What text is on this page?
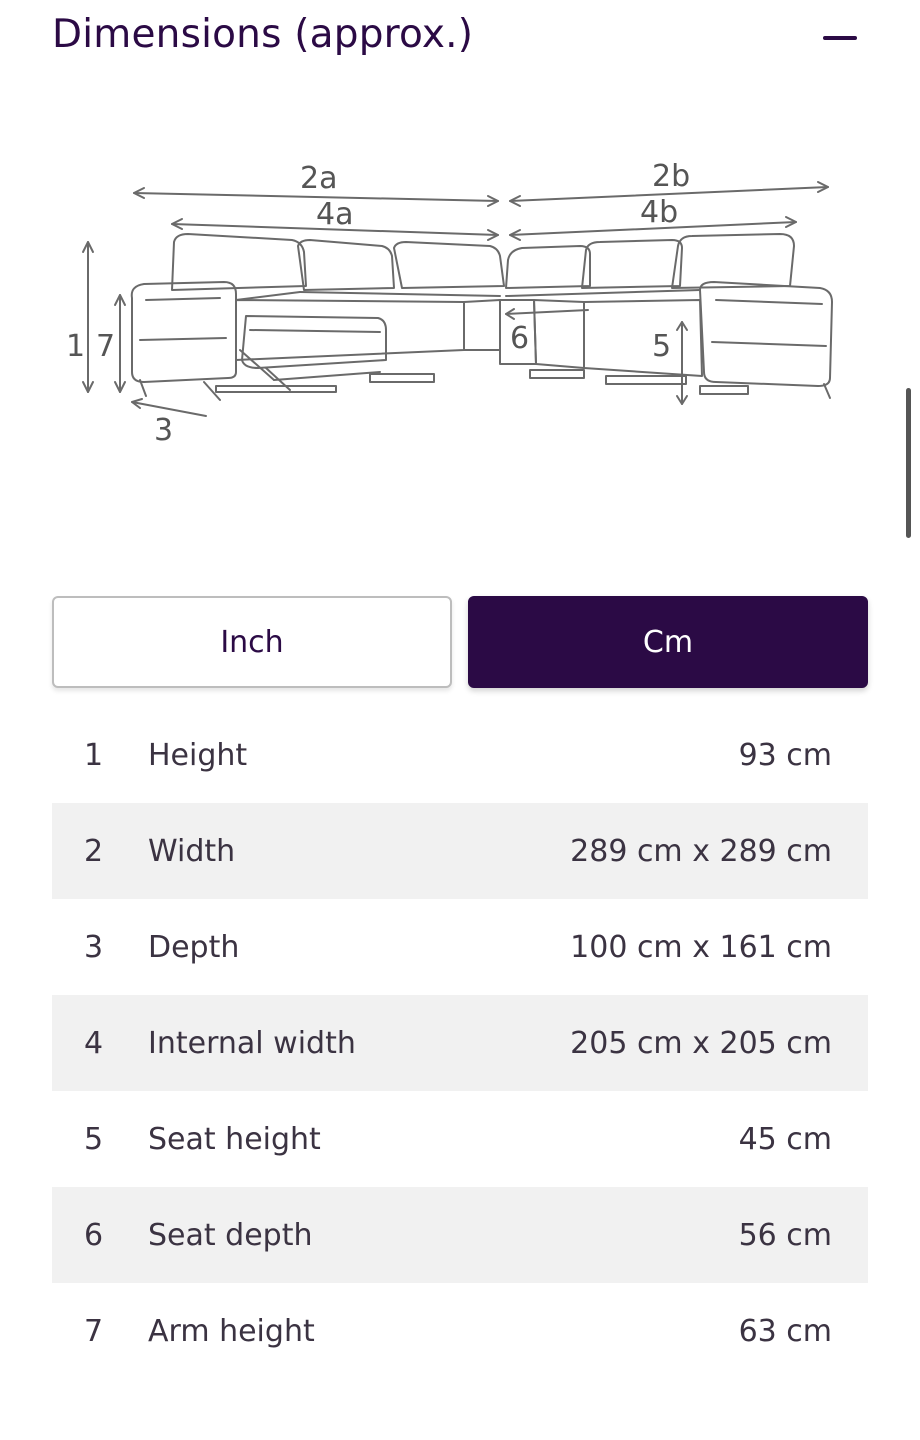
Dimensions (approx.)
2a	2b
4a	4b
1 7
3
6	5
Inch	Cm
1	Height	93 cm
2	Width	289 cm x 289 cm
3	Depth	100 cm x 161 cm
4	Internal width	205 cm x 205 cm
5	Seat height	45 cm
6	Seat depth	56 cm
7	Arm height	63 cm
